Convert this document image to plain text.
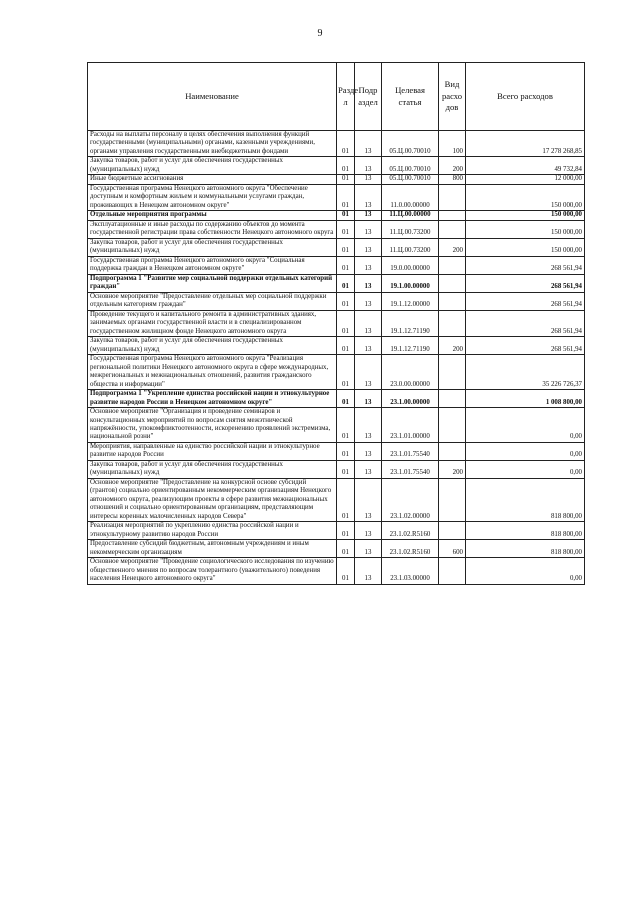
9
Наименование	Разде л	Подр аздел	Целевая статья	Вид расхо дов	Всего расходов
Расходы на выплаты персоналу в целях обеспечения выполнения функций государственными (муниципальными) органами, казенными учреждениями, органами управления государственными внебюджетными фондами	01	13	05.Ц.00.70010	100	17 278 268,85
Закупка товаров, работ и услуг для обеспечения государственных (муниципальных) нужд	01	13	05.Ц.00.70010	200	49 732,84
Иные бюджетные ассигнования	01	13	05.Ц.00.70010	800	12 000,00
Государственная программа Ненецкого автономного округа "Обеспечение доступным и комфортным жильем и коммунальными услугами граждан, проживающих в Ненецком автономном округе"	01	13	11.0.00.00000		150 000,00
Отдельные мероприятия программы	01	13	11.Ц.00.00000		150 000,00
Эксплуатационные и иные расходы по содержанию объектов до момента государственной регистрации права собственности Ненецкого автономного округа	01	13	11.Ц.00.73200		150 000,00
Закупка товаров, работ и услуг для обеспечения государственных (муниципальных) нужд	01	13	11.Ц.00.73200	200	150 000,00
Государственная программа Ненецкого автономного округа "Социальная поддержка граждан в Ненецком автономном округе"	01	13	19.0.00.00000		268 561,94
Подпрограмма 1 "Развитие мер социальной поддержки отдельных категорий граждан"	01	13	19.1.00.00000		268 561,94
Основное мероприятие "Предоставление отдельных мер социальной поддержки отдельным категориям граждан"	01	13	19.1.12.00000		268 561,94
Проведение текущего и капитального ремонта в административных зданиях, занимаемых органами государственной власти и в специализированном государственном жилищном фонде Ненецкого автономного округа	01	13	19.1.12.71190		268 561,94
Закупка товаров, работ и услуг для обеспечения государственных (муниципальных) нужд	01	13	19.1.12.71190	200	268 561,94
Государственная программа Ненецкого автономного округа "Реализация региональной политики Ненецкого автономного округа в сфере международных, межрегиональных и межнациональных отношений, развития гражданского общества и информации"	01	13	23.0.00.00000		35 226 726,37
Подпрограмма 1 "Укрепление единства российской нации и этнокультурное развитие народов России в Ненецком автономном округе"	01	13	23.1.00.00000		1 008 800,00
Основное мероприятие "Организация и проведение семинаров и консультационных мероприятий по вопросам снятия межэтнической напряжённости, упокомфликтоотенности, искоренению проявлений экстремизма, национальной розни"	01	13	23.1.01.00000		0,00
Мероприятия, направленные на единство российской нации и этнокультурное развитие народов России	01	13	23.1.01.75540		0,00
Закупка товаров, работ и услуг для обеспечения государственных (муниципальных) нужд	01	13	23.1.01.75540	200	0,00
Основное мероприятие "Предоставление на конкурсной основе субсидий (грантов) социально ориентированным некоммерческим организациям Ненецкого автономного округа, реализующим проекты в сфере развития межнациональных отношений и социально ориентированным организациям, представляющим интересы коренных малочисленных народов Севера"	01	13	23.1.02.00000		818 800,00
Реализация мероприятий по укреплению единства российской нации и этнокультурному развитию народов России	01	13	23.1.02.R5160		818 800,00
Предоставление субсидий бюджетным, автономным учреждениям и иным некоммерческим организациям	01	13	23.1.02.R5160	600	818 800,00
Основное мероприятие "Проведение социологического исследования по изучению общественного мнения по вопросам толерантного (уважительного) поведения населения Ненецкого автономного округа"	01	13	23.1.03.00000		0,00
